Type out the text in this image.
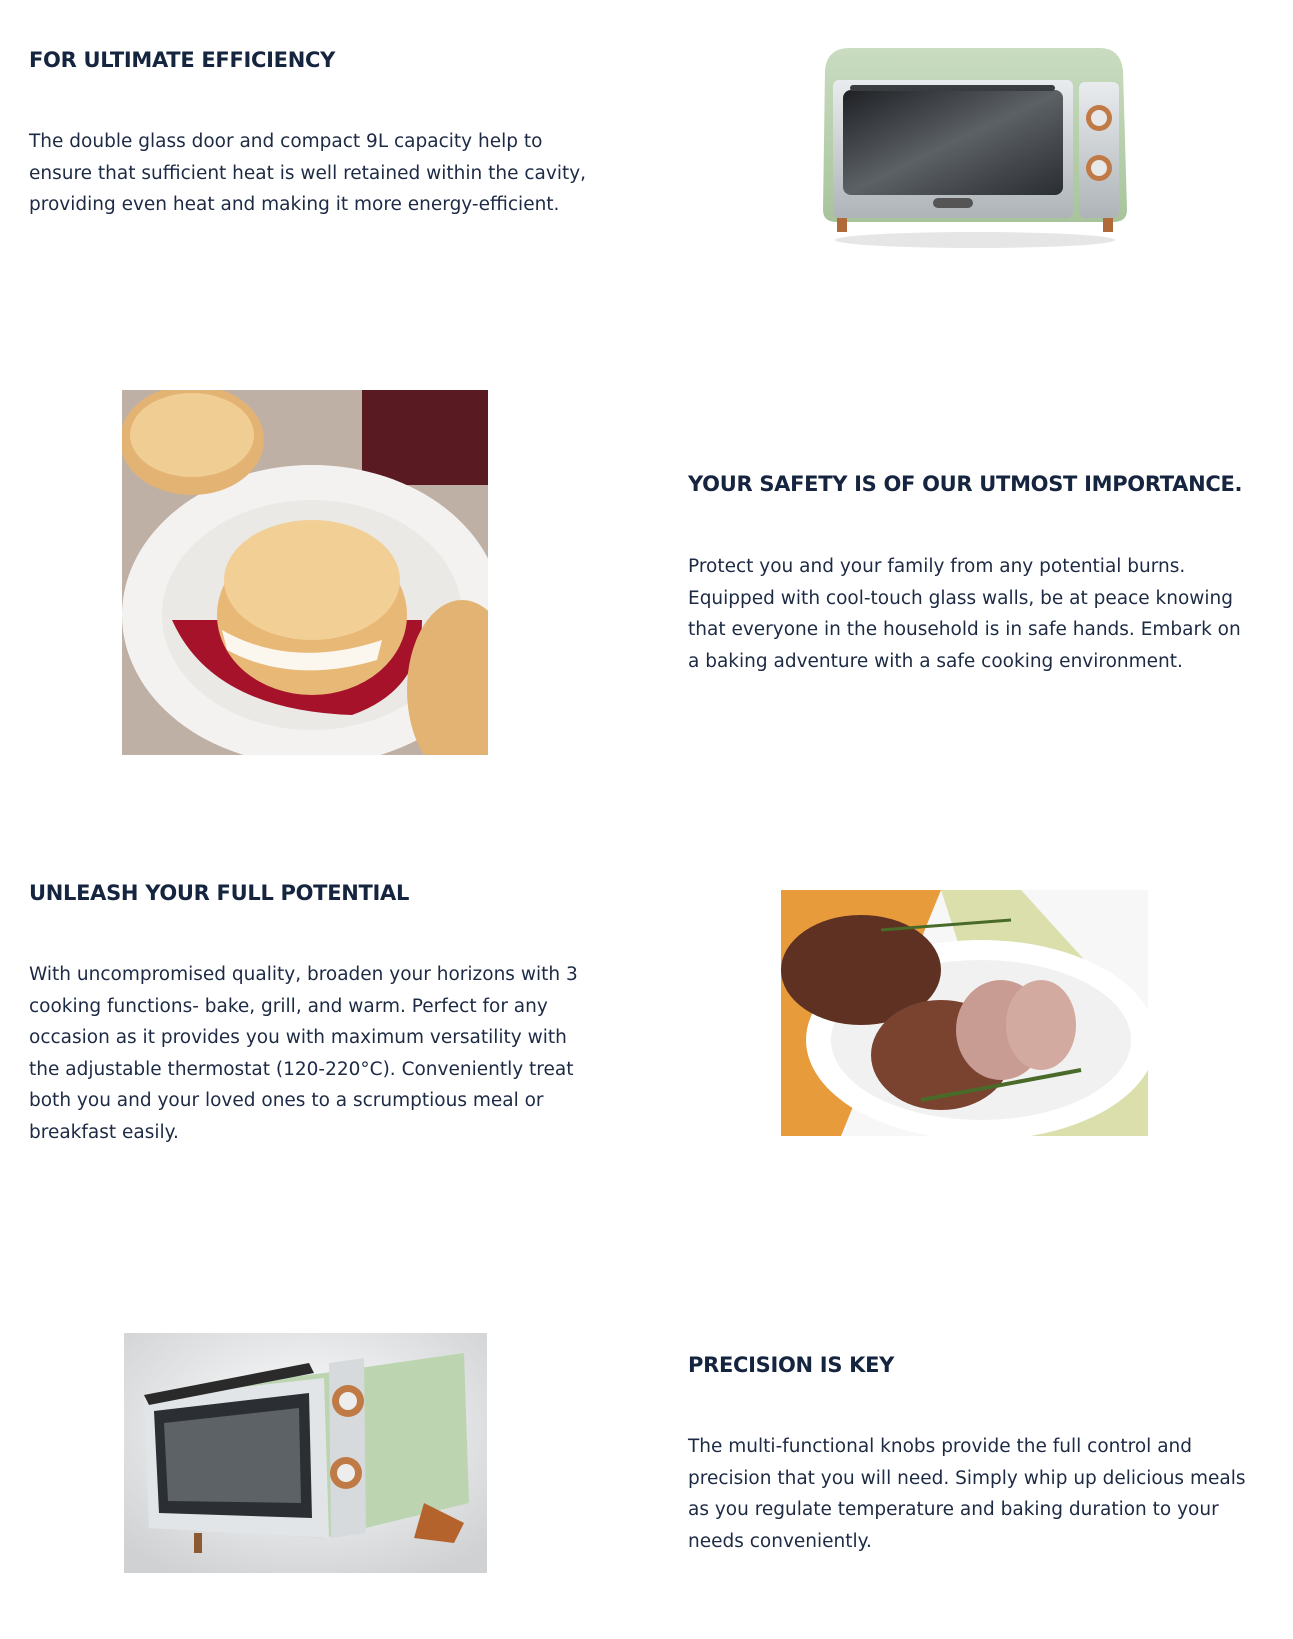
FOR ULTIMATE EFFICIENCY

The double glass door and compact 9L capacity help to ensure that sufficient heat is well retained within the cavity, providing even heat and making it more energy-efficient.

YOUR SAFETY IS OF OUR UTMOST IMPORTANCE.

Protect you and your family from any potential burns. Equipped with cool-touch glass walls, be at peace knowing that everyone in the household is in safe hands. Embark on a baking adventure with a safe cooking environment.

UNLEASH YOUR FULL POTENTIAL

With uncompromised quality, broaden your horizons with 3 cooking functions- bake, grill, and warm. Perfect for any occasion as it provides you with maximum versatility with the adjustable thermostat (120-220°C). Conveniently treat both you and your loved ones to a scrumptious meal or breakfast easily.

PRECISION IS KEY

The multi-functional knobs provide the full control and precision that you will need. Simply whip up delicious meals as you regulate temperature and baking duration to your needs conveniently.
